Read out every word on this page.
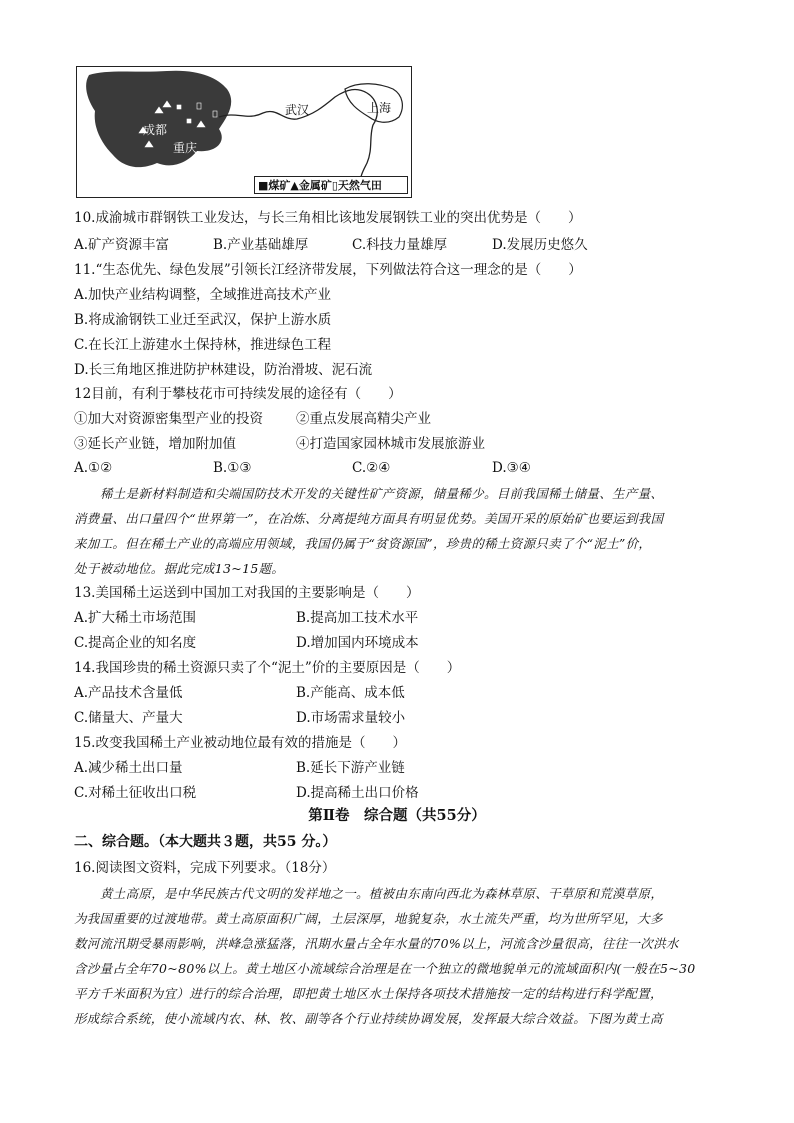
武汉	上海
成都
重庆
■煤矿▲金属矿▯天然气田
10.成渝城市群钢铁工业发达，与长三角相比该地发展钢铁工业的突出优势是（　　）
A.矿产资源丰富	B.产业基础雄厚	C.科技力量雄厚	D.发展历史悠久
11.“生态优先、绿色发展”引领长江经济带发展，下列做法符合这一理念的是（　　）
A.加快产业结构调整，全域推进高技术产业
B.将成渝钢铁工业迁至武汉，保护上游水质
C.在长江上游建水土保持林，推进绿色工程
D.长三角地区推进防护林建设，防治滑坡、泥石流
12目前，有利于攀枝花市可持续发展的途径有（　　）
①加大对资源密集型产业的投资 ②重点发展高精尖产业
③延长产业链，增加附加值	④打造国家园林城市发展旅游业
A.①②	B.①③	C.②④	D.③④
稀土是新材料制造和尖端国防技术开发的关键性矿产资源，储量稀少。目前我国稀土储量、生产量、
消费量、出口量四个“世界第一”，在冶炼、分离提纯方面具有明显优势。美国开采的原始矿也要运到我国
来加工。但在稀土产业的高端应用领域，我国仍属于“贫资源国”，珍贵的稀土资源只卖了个“泥土”价，
处于被动地位。据此完成13~15题。
13.美国稀土运送到中国加工对我国的主要影响是（　　）
A.扩大稀土市场范围	B.提高加工技术水平
C.提高企业的知名度	D.增加国内环境成本
14.我国珍贵的稀土资源只卖了个“泥土”价的主要原因是（　　）
A.产品技术含量低	B.产能高、成本低
C.储量大、产量大	D.市场需求量较小
15.改变我国稀土产业被动地位最有效的措施是（　　）
A.减少稀土出口量	B.延长下游产业链
C.对稀土征收出口税	D.提高稀土出口价格
第Ⅱ卷　综合题（共55分）
二、综合题。（本大题共３题，共55 分。）
16.阅读图文资料，完成下列要求。（18分）
黄土高原，是中华民族古代文明的发祥地之一。植被由东南向西北为森林草原、干草原和荒漠草原，
为我国重要的过渡地带。黄土高原面积广阔，土层深厚，地貌复杂，水土流失严重，均为世所罕见，大多
数河流汛期受暴雨影响，洪峰急涨猛落，汛期水量占全年水量的70%以上，河流含沙量很高，往往一次洪水
含沙量占全年70~80%以上。黄土地区小流域综合治理是在一个独立的微地貌单元的流域面积内(一般在5~30
平方千米面积为宜）进行的综合治理，即把黄土地区水土保持各项技术措施按一定的结构进行科学配置，
形成综合系统，使小流域内农、林、牧、副等各个行业持续协调发展，发挥最大综合效益。下图为黄土高
